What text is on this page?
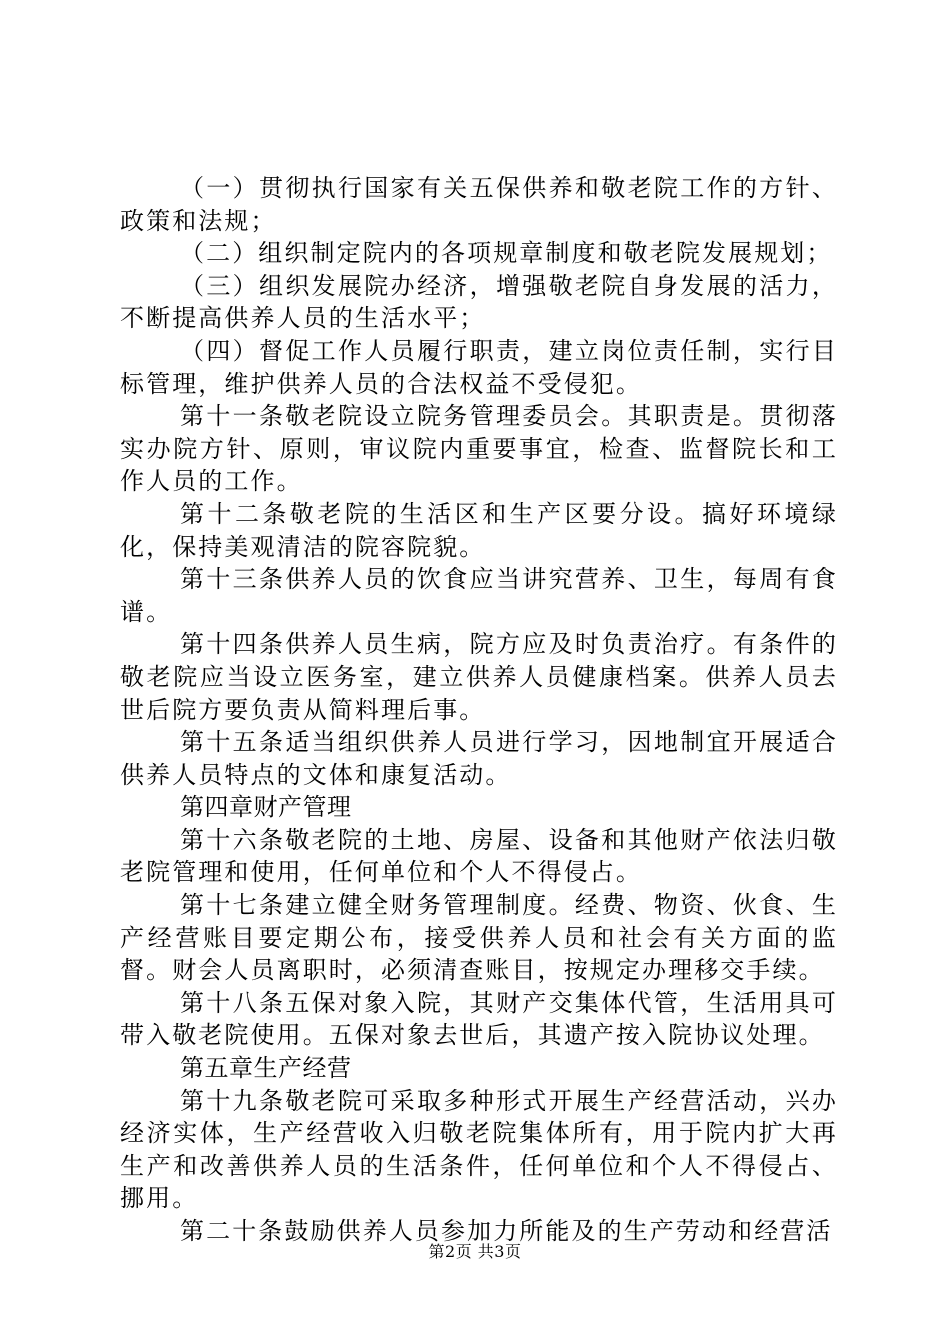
（一）贯彻执行国家有关五保供养和敬老院工作的方针、政策和法规；

（二）组织制定院内的各项规章制度和敬老院发展规划；

（三）组织发展院办经济，增强敬老院自身发展的活力，不断提高供养人员的生活水平；

（四）督促工作人员履行职责，建立岗位责任制，实行目标管理，维护供养人员的合法权益不受侵犯。

第十一条敬老院设立院务管理委员会。其职责是。贯彻落实办院方针、原则，审议院内重要事宜，检查、监督院长和工作人员的工作。

第十二条敬老院的生活区和生产区要分设。搞好环境绿化，保持美观清洁的院容院貌。

第十三条供养人员的饮食应当讲究营养、卫生，每周有食谱。

第十四条供养人员生病，院方应及时负责治疗。有条件的敬老院应当设立医务室，建立供养人员健康档案。供养人员去世后院方要负责从简料理后事。

第十五条适当组织供养人员进行学习，因地制宜开展适合供养人员特点的文体和康复活动。

第四章财产管理

第十六条敬老院的土地、房屋、设备和其他财产依法归敬老院管理和使用，任何单位和个人不得侵占。

第十七条建立健全财务管理制度。经费、物资、伙食、生产经营账目要定期公布，接受供养人员和社会有关方面的监督。财会人员离职时，必须清查账目，按规定办理移交手续。

第十八条五保对象入院，其财产交集体代管，生活用具可带入敬老院使用。五保对象去世后，其遗产按入院协议处理。

第五章生产经营

第十九条敬老院可采取多种形式开展生产经营活动，兴办经济实体，生产经营收入归敬老院集体所有，用于院内扩大再生产和改善供养人员的生活条件，任何单位和个人不得侵占、挪用。

第二十条鼓励供养人员参加力所能及的生产劳动和经营活

第2页 共3页
